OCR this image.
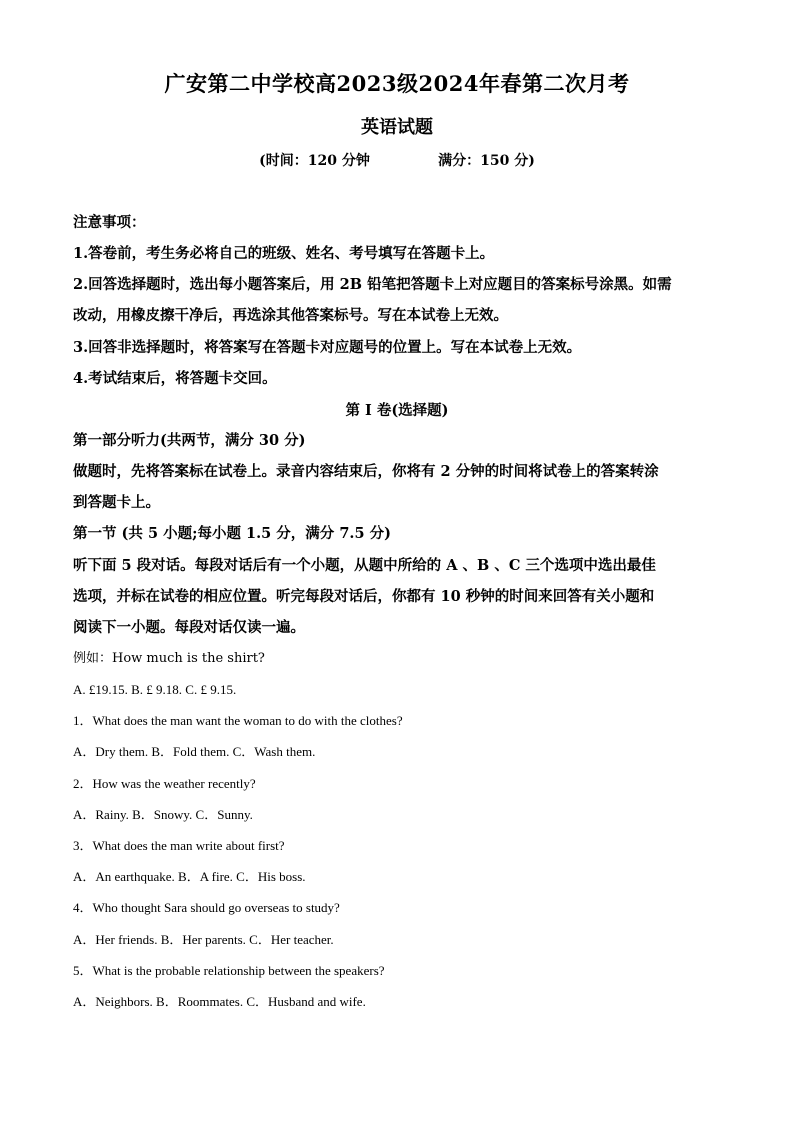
广安第二中学校高2023级2024年春第二次月考
英语试题
(时间：120 分钟              满分：150 分)
注意事项：
1.答卷前，考生务必将自己的班级、姓名、考号填写在答题卡上。
2.回答选择题时，选出每小题答案后，用 2B 铅笔把答题卡上对应题目的答案标号涂黑。如需
改动，用橡皮擦干净后，再选涂其他答案标号。写在本试卷上无效。
3.回答非选择题时，将答案写在答题卡对应题号的位置上。写在本试卷上无效。
4.考试结束后，将答题卡交回。
第 I 卷(选择题)
第一部分听力(共两节，满分 30 分)
做题时，先将答案标在试卷上。录音内容结束后，你将有 2 分钟的时间将试卷上的答案转涂
到答题卡上。
第一节 (共 5 小题;每小题 1.5 分，满分 7.5 分)
听下面 5 段对话。每段对话后有一个小题，从题中所给的 A 、B 、C 三个选项中选出最佳
选项，并标在试卷的相应位置。听完每段对话后，你都有 10 秒钟的时间来回答有关小题和
阅读下一小题。每段对话仅读一遍。
例如：How much is the shirt?
A. £19.15. B. £ 9.18. C. £ 9.15.
1．What does the man want the woman to do with the clothes?
A．Dry them. B．Fold them. C．Wash them.
2．How was the weather recently?
A．Rainy. B．Snowy. C．Sunny.
3．What does the man write about first?
A．An earthquake. B．A fire. C．His boss.
4．Who thought Sara should go overseas to study?
A．Her friends. B．Her parents. C．Her teacher.
5．What is the probable relationship between the speakers?
A．Neighbors. B．Roommates. C．Husband and wife.
